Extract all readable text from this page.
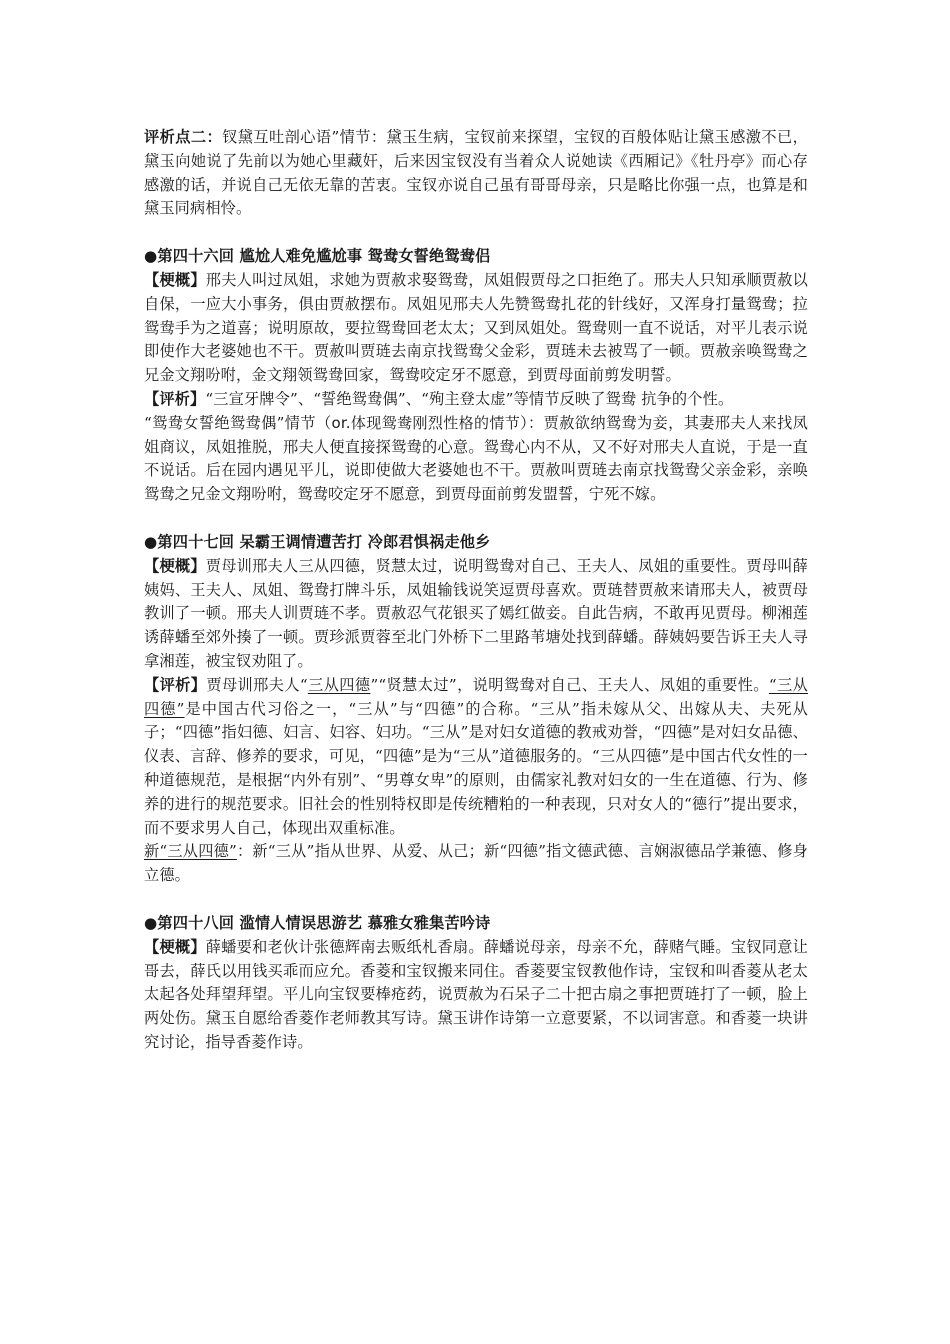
评析点二：钗黛互吐剖心语”情节：黛玉生病，宝钗前来探望，宝钗的百般体贴让黛玉感激不已，黛玉向她说了先前以为她心里藏奸，后来因宝钗没有当着众人说她读《西厢记》《牡丹亭》而心存感激的话，并说自己无依无靠的苦衷。宝钗亦说自己虽有哥哥母亲，只是略比你强一点，也算是和黛玉同病相怜。

●第四十六回 尴尬人难免尴尬事 鸳鸯女誓绝鸳鸯侣

【梗概】邢夫人叫过凤姐，求她为贾赦求娶鸳鸯，凤姐假贾母之口拒绝了。邢夫人只知承顺贾赦以自保，一应大小事务，俱由贾赦摆布。凤姐见邢夫人先赞鸳鸯扎花的针线好，又浑身打量鸳鸯；拉鸳鸯手为之道喜；说明原故，要拉鸳鸯回老太太；又到凤姐处。鸳鸯则一直不说话，对平儿表示说即使作大老婆她也不干。贾赦叫贾琏去南京找鸳鸯父金彩，贾琏未去被骂了一顿。贾赦亲唤鸳鸯之兄金文翔吩咐，金文翔领鸳鸯回家，鸳鸯咬定牙不愿意，到贾母面前剪发明誓。

【评析】“三宣牙牌令”、“誓绝鸳鸯偶”、“殉主登太虚”等情节反映了鸳鸯 抗争的个性。

“鸳鸯女誓绝鸳鸯偶”情节（or.体现鸳鸯刚烈性格的情节）：贾赦欲纳鸳鸯为妾，其妻邢夫人来找凤姐商议，凤姐推脱，邢夫人便直接探鸳鸯的心意。鸳鸯心内不从，又不好对邢夫人直说，于是一直不说话。后在园内遇见平儿，说即使做大老婆她也不干。贾赦叫贾琏去南京找鸳鸯父亲金彩，亲唤鸳鸯之兄金文翔吩咐，鸳鸯咬定牙不愿意，到贾母面前剪发盟誓，宁死不嫁。

●第四十七回 呆霸王调情遭苦打 冷郎君惧祸走他乡

【梗概】贾母训邢夫人三从四德，贤慧太过，说明鸳鸯对自己、王夫人、凤姐的重要性。贾母叫薛姨妈、王夫人、凤姐、鸳鸯打牌斗乐，凤姐输钱说笑逗贾母喜欢。贾琏替贾赦来请邢夫人，被贾母教训了一顿。邢夫人训贾琏不孝。贾赦忍气花银买了嫣红做妾。自此告病，不敢再见贾母。柳湘莲诱薛蟠至郊外揍了一顿。贾珍派贾蓉至北门外桥下二里路苇塘处找到薛蟠。薛姨妈要告诉王夫人寻拿湘莲，被宝钗劝阻了。

【评析】贾母训邢夫人“三从四德”“贤慧太过”，说明鸳鸯对自己、王夫人、凤姐的重要性。“三从四德”是中国古代习俗之一，“三从”与“四德”的合称。“三从”指未嫁从父、出嫁从夫、夫死从子；“四德”指妇德、妇言、妇容、妇功。“三从”是对妇女道德的教戒劝誉，“四德”是对妇女品德、仪表、言辞、修养的要求，可见，“四德”是为“三从”道德服务的。“三从四德”是中国古代女性的一种道德规范，是根据“内外有别”、“男尊女卑”的原则，由儒家礼教对妇女的一生在道德、行为、修养的进行的规范要求。旧社会的性别特权即是传统糟粕的一种表现，只对女人的“德行”提出要求，而不要求男人自己，体现出双重标准。

新“三从四德”：新“三从”指从世界、从爱、从己；新“四德”指文德武德、言娴淑德品学兼德、修身立德。

●第四十八回 滥情人情误思游艺 慕雅女雅集苦吟诗

【梗概】薛蟠要和老伙计张德辉南去贩纸札香扇。薛蟠说母亲，母亲不允，薛赌气睡。宝钗同意让哥去，薛氏以用钱买乖而应允。香菱和宝钗搬来同住。香菱要宝钗教他作诗，宝钗和叫香菱从老太太起各处拜望拜望。平儿向宝钗要棒疮药，说贾赦为石呆子二十把古扇之事把贾琏打了一顿，脸上两处伤。黛玉自愿给香菱作老师教其写诗。黛玉讲作诗第一立意要紧，不以词害意。和香菱一块讲究讨论，指导香菱作诗。
